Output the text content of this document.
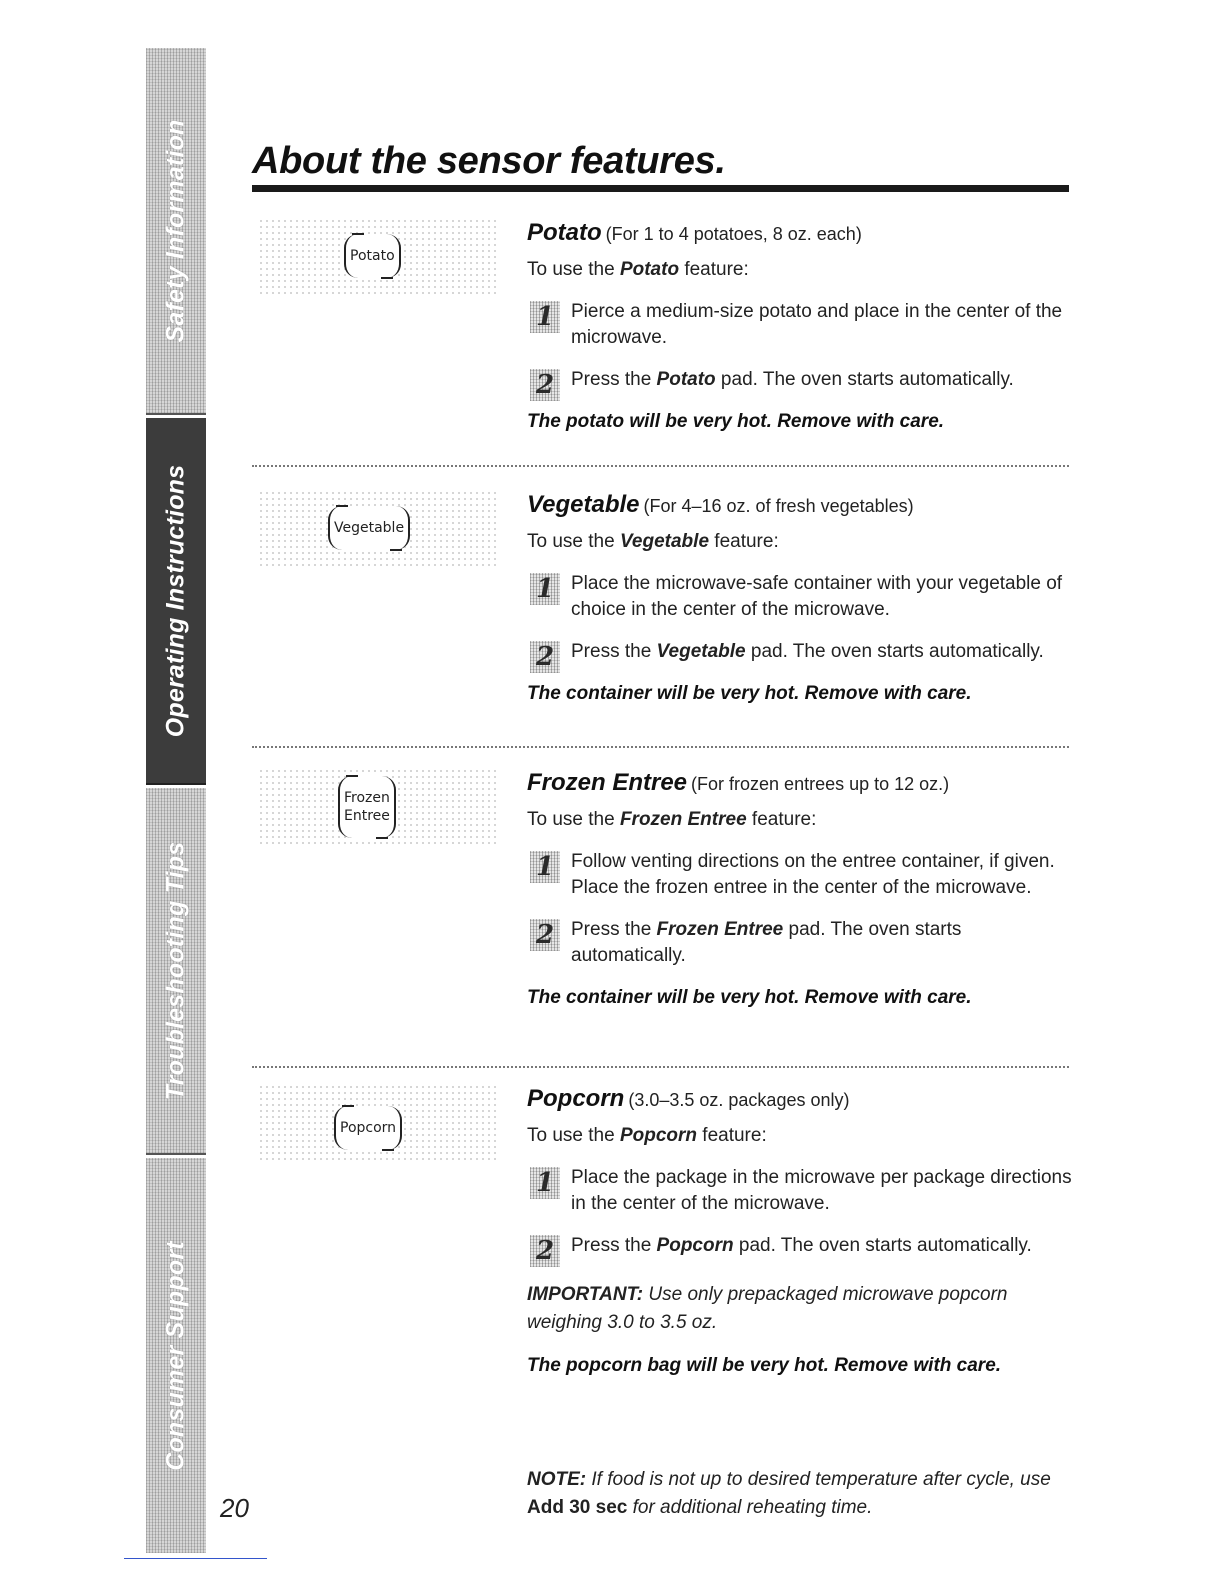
Safety Information
Operating Instructions
Troubleshooting Tips
Consumer Support
About the sensor features.
Potato

Potato (For 1 to 4 potatoes, 8 oz. each)

To use the Potato feature:
1 Pierce a medium-size potato and place in the center of the microwave.
2 Press the Potato pad. The oven starts automatically.
The potato will be very hot. Remove with care.
Vegetable

Vegetable (For 4–16 oz. of fresh vegetables)

To use the Vegetable feature:
1 Place the microwave-safe container with your vegetable of choice in the center of the microwave.
2 Press the Vegetable pad. The oven starts automatically.
The container will be very hot. Remove with care.
Frozen
Entree

Frozen Entree (For frozen entrees up to 12 oz.)

To use the Frozen Entree feature:
1 Follow venting directions on the entree container, if given. Place the frozen entree in the center of the microwave.
2 Press the Frozen Entree pad. The oven starts automatically.
The container will be very hot. Remove with care.
Popcorn

Popcorn (3.0–3.5 oz. packages only)

To use the Popcorn feature:
1 Place the package in the microwave per package directions in the center of the microwave.
2 Press the Popcorn pad. The oven starts automatically.
IMPORTANT: Use only prepackaged microwave popcorn weighing 3.0 to 3.5 oz.
The popcorn bag will be very hot. Remove with care.
NOTE: If food is not up to desired temperature after cycle, use Add 30 sec for additional reheating time.
20
